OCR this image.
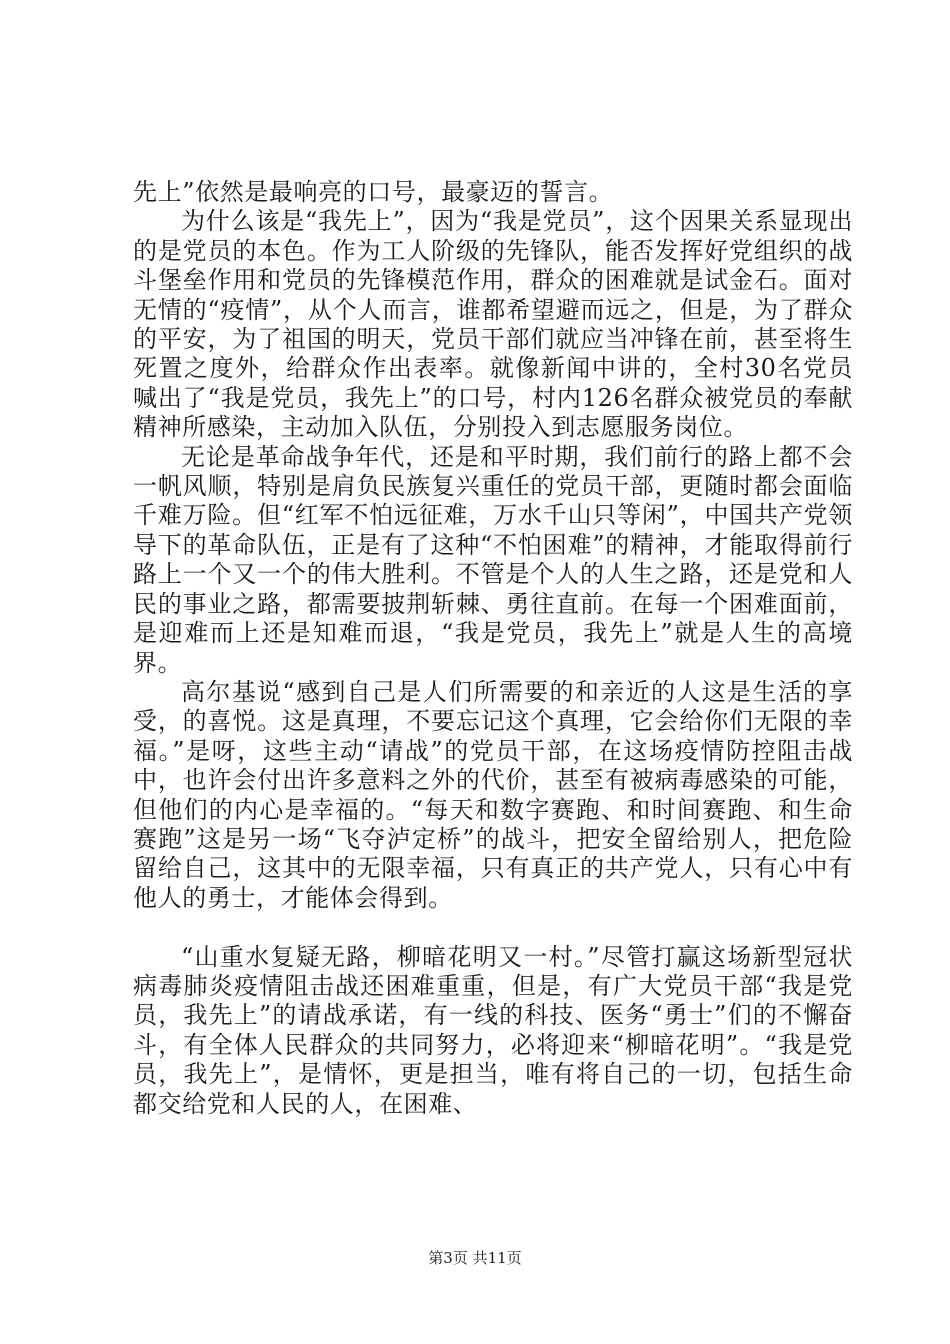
先上”依然是最响亮的口号，最豪迈的誓言。

为什么该是“我先上”，因为“我是党员”，这个因果关系显现出的是党员的本色。作为工人阶级的先锋队，能否发挥好党组织的战斗堡垒作用和党员的先锋模范作用，群众的困难就是试金石。面对无情的“疫情”，从个人而言，谁都希望避而远之，但是，为了群众的平安，为了祖国的明天，党员干部们就应当冲锋在前，甚至将生死置之度外，给群众作出表率。就像新闻中讲的，全村30名党员喊出了“我是党员，我先上”的口号，村内126名群众被党员的奉献精神所感染，主动加入队伍，分别投入到志愿服务岗位。

无论是革命战争年代，还是和平时期，我们前行的路上都不会一帆风顺，特别是肩负民族复兴重任的党员干部，更随时都会面临千难万险。但“红军不怕远征难，万水千山只等闲”，中国共产党领导下的革命队伍，正是有了这种“不怕困难”的精神，才能取得前行路上一个又一个的伟大胜利。不管是个人的人生之路，还是党和人民的事业之路，都需要披荆斩棘、勇往直前。在每一个困难面前，是迎难而上还是知难而退，“我是党员，我先上”就是人生的高境界。

高尔基说“感到自己是人们所需要的和亲近的人这是生活的享受，的喜悦。这是真理，不要忘记这个真理，它会给你们无限的幸福。”是呀，这些主动“请战”的党员干部，在这场疫情防控阻击战中，也许会付出许多意料之外的代价，甚至有被病毒感染的可能，但他们的内心是幸福的。“每天和数字赛跑、和时间赛跑、和生命赛跑”这是另一场“飞夺泸定桥”的战斗，把安全留给别人，把危险留给自己，这其中的无限幸福，只有真正的共产党人，只有心中有他人的勇士，才能体会得到。

“山重水复疑无路，柳暗花明又一村。”尽管打赢这场新型冠状病毒肺炎疫情阻击战还困难重重，但是，有广大党员干部“我是党员，我先上”的请战承诺，有一线的科技、医务“勇士”们的不懈奋斗，有全体人民群众的共同努力，必将迎来“柳暗花明”。“我是党员，我先上”，是情怀，更是担当，唯有将自己的一切，包括生命都交给党和人民的人，在困难、

第3页 共11页
